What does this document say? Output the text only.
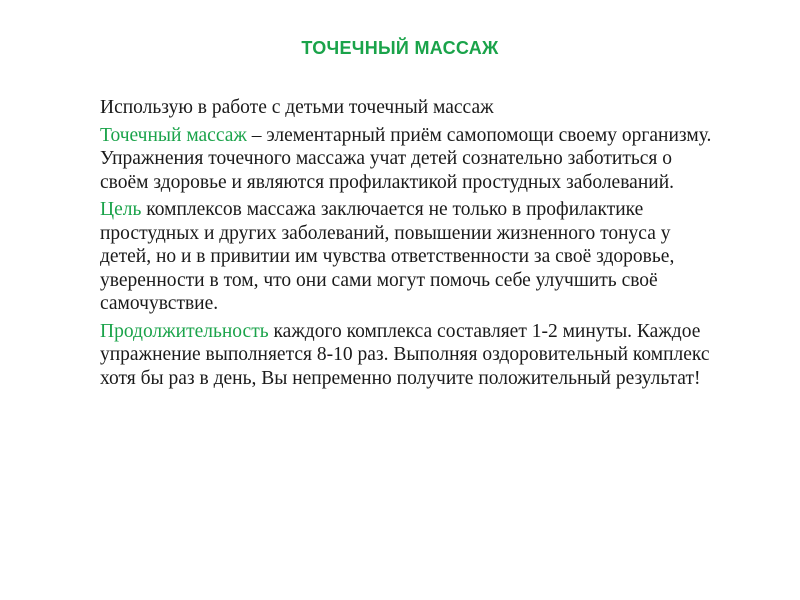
ТОЧЕЧНЫЙ МАССАЖ

Использую в работе с детьми точечный массаж

Точечный массаж – элементарный приём самопомощи своему организму. Упражнения точечного массажа учат детей сознательно заботиться о своём здоровье и являются профилактикой простудных заболеваний.

Цель комплексов массажа заключается не только в профилактике простудных и других заболеваний, повышении жизненного тонуса у детей, но и в привитии им чувства ответственности за своё здоровье, уверенности в том, что они сами могут помочь себе улучшить своё самочувствие.

Продолжительность каждого комплекса составляет 1-2 минуты. Каждое упражнение выполняется 8-10 раз. Выполняя оздоровительный комплекс хотя бы раз в день, Вы непременно получите положительный результат!
